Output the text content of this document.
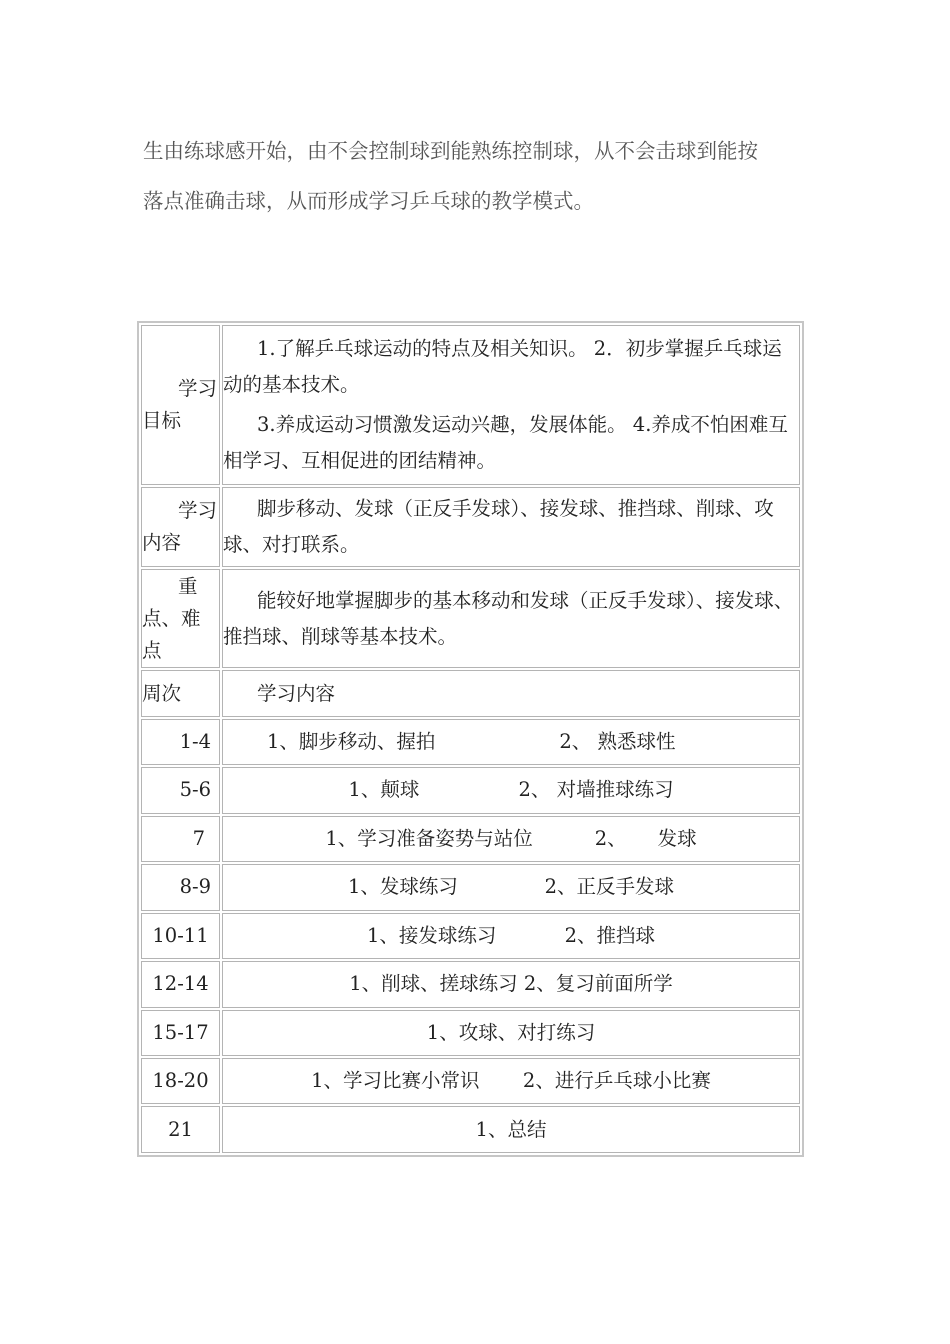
生由练球感开始，由不会控制球到能熟练控制球，从不会击球到能按

落点准确击球，从而形成学习乒乓球的教学模式。

学习目标	1.了解乒乓球运动的特点及相关知识。 2．初步掌握乒乓球运动的基本技术。

3.养成运动习惯激发运动兴趣，发展体能。 4.养成不怕困难互相学习、互相促进的团结精神。

学习内容	脚步移动、发球（正反手发球）、接发球、推挡球、削球、攻球、对打联系。

重点、难点	能较好地掌握脚步的基本移动和发球（正反手发球）、接发球、推挡球、削球等基本技术。

周次	学习内容

1-4	1、脚步移动、握拍                    2、 熟悉球性
5-6	1、颠球                2、 对墙推球练习
7	1、学习准备姿势与站位          2、     发球
8-9	1、发球练习              2、正反手发球
10-11	1、接发球练习           2、推挡球
12-14	1、削球、搓球练习 2、复习前面所学
15-17	1、攻球、对打练习
18-20	1、学习比赛小常识       2、进行乒乓球小比赛
21	1、总结
